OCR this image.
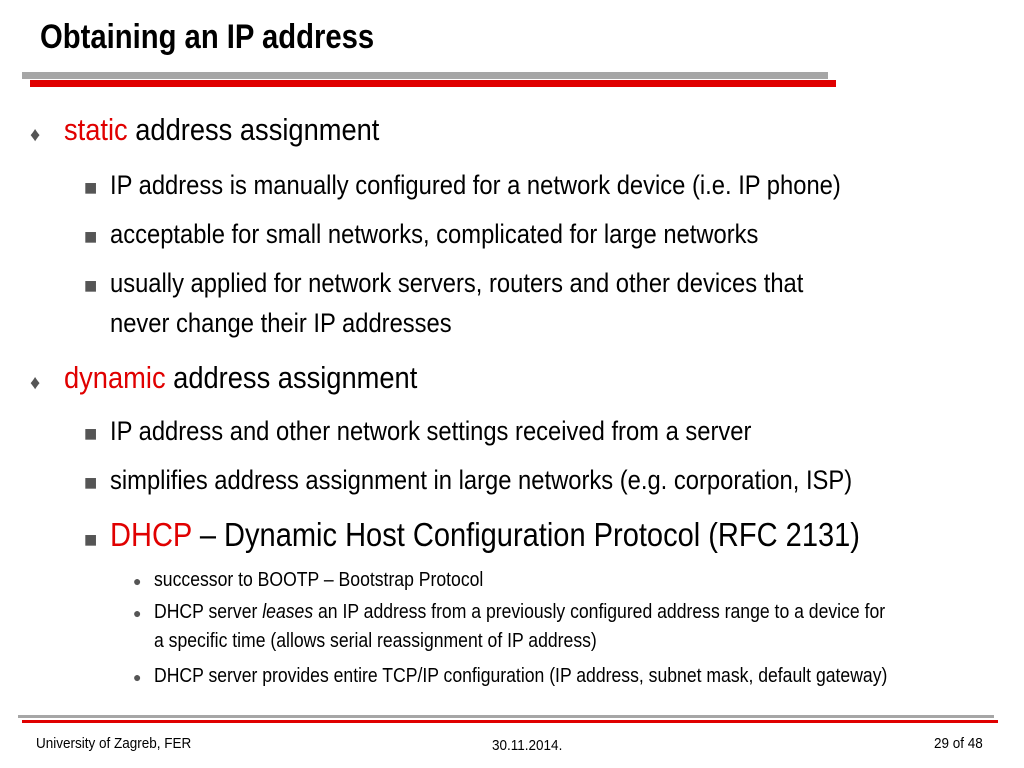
Obtaining an IP address
♦ static address assignment
■ IP address is manually configured for a network device (i.e. IP phone)
■ acceptable for small networks, complicated for large networks
■ usually applied for network servers, routers and other devices that
never change their IP addresses
♦ dynamic address assignment
■ IP address and other network settings received from a server
■ simplifies address assignment in large networks (e.g. corporation, ISP)
■ DHCP – Dynamic Host Configuration Protocol (RFC 2131)
● successor to BOOTP – Bootstrap Protocol
● DHCP server leases an IP address from a previously configured address range to a device for
a specific time (allows serial reassignment of IP address)
● DHCP server provides entire TCP/IP configuration (IP address, subnet mask, default gateway)
University of Zagreb, FER	30.11.2014.	29 of 48
